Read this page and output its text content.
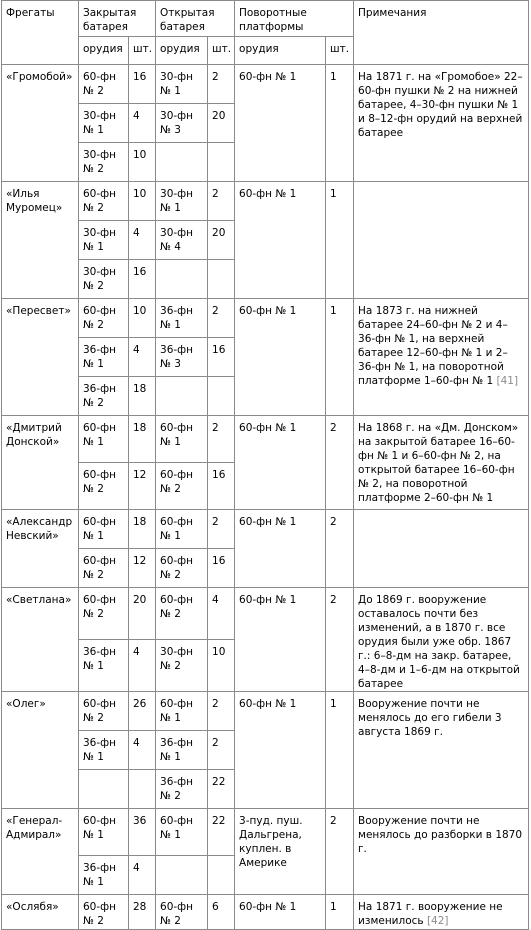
Фрегаты	Закрытая батарея		Открытая батарея		Поворотные платформы		Примечания
	орудия	шт.	орудия	шт.	орудия	шт.	
«Громобой»	60-фн № 2	16	30-фн № 1	2	60-фн № 1	1	На 1871 г. на «Громобое» 22–60-фн пушки № 2 на нижней батарее, 4–30-фн пушки № 1 и 8–12-фн орудий на верхней батарее
	30-фн № 1	4	30-фн № 3	20			
	30-фн № 2	10					
«Илья Муромец»	60-фн № 2	10	30-фн № 1	2	60-фн № 1	1	
	30-фн № 1	4	30-фн № 4	20			
	30-фн № 2	16					
«Пересвет»	60-фн № 2	10	36-фн № 1	2	60-фн № 1	1	На 1873 г. на нижней батарее 24–60-фн № 2 и 4–36-фн № 1, на верхней батарее 12–60-фн № 1 и 2–36-фн № 1, на поворотной платформе 1–60-фн № 1 [41]
	36-фн № 1	4	36-фн № 3	16			
	36-фн № 2	18					
«Дмитрий Донской»	60-фн № 1	18	60-фн № 1	2	60-фн № 1	2	На 1868 г. на «Дм. Донском» на закрытой батарее 16–60-фн № 1 и 6–60-фн № 2, на открытой батарее 16–60-фн № 2, на поворотной платформе 2–60-фн № 1
	60-фн № 2	12	60-фн № 2	16			
«Александр Невский»	60-фн № 1	18	60-фн № 1	2	60-фн № 1	2	
	60-фн № 2	12	60-фн № 2	16			
«Светлана»	60-фн № 2	20	60-фн № 2	4	60-фн № 1	2	До 1869 г. вооружение оставалось почти без изменений, а в 1870 г. все орудия были уже обр. 1867 г.: 6–8-дм на закр. батарее, 4–8-дм и 1–6-дм на открытой батарее
	36-фн № 1	4	30-фн № 2	10			
«Олег»	60-фн № 2	26	60-фн № 1	2	60-фн № 1	1	Вооружение почти не менялось до его гибели 3 августа 1869 г.
	36-фн № 1	4	36-фн № 1	2			
			36-фн № 2	22			
«Генерал-Адмирал»	60-фн № 1	36	60-фн № 1	22	3-пуд. пуш. Дальгрена, куплен. в Америке	2	Вооружение почти не менялось до разборки в 1870 г.
	36-фн № 1	4					
«Ослябя»	60-фн № 2	28	60-фн № 2	6	60-фн № 1	1	На 1871 г. вооружение не изменилось [42]
